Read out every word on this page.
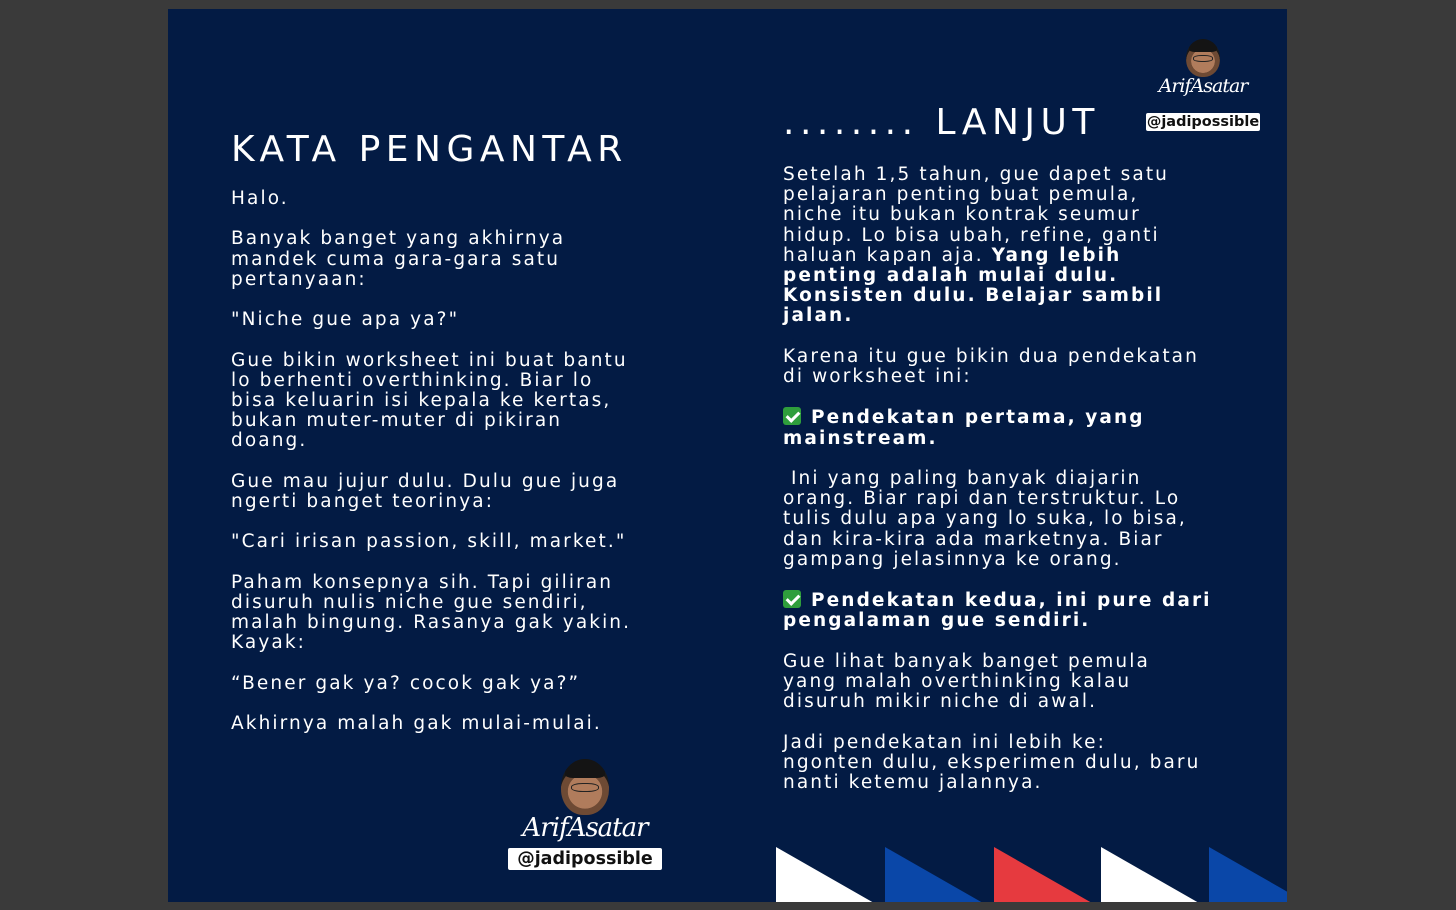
KATA PENGANTAR

Halo.

Banyak banget yang akhirnya
mandek cuma gara-gara satu
pertanyaan:

"Niche gue apa ya?"

Gue bikin worksheet ini buat bantu
lo berhenti overthinking. Biar lo
bisa keluarin isi kepala ke kertas,
bukan muter-muter di pikiran
doang.

Gue mau jujur dulu. Dulu gue juga
ngerti banget teorinya:

"Cari irisan passion, skill, market."

Paham konsepnya sih. Tapi giliran
disuruh nulis niche gue sendiri,
malah bingung. Rasanya gak yakin.
Kayak:

“Bener gak ya? cocok gak ya?”

Akhirnya malah gak mulai-mulai.

........ LANJUT

Setelah 1,5 tahun, gue dapet satu
pelajaran penting buat pemula,
niche itu bukan kontrak seumur
hidup. Lo bisa ubah, refine, ganti
haluan kapan aja. Yang lebih
penting adalah mulai dulu.
Konsisten dulu. Belajar sambil
jalan.

Karena itu gue bikin dua pendekatan
di worksheet ini:

Pendekatan pertama, yang
mainstream.

Ini yang paling banyak diajarin
orang. Biar rapi dan terstruktur. Lo
tulis dulu apa yang lo suka, lo bisa,
dan kira-kira ada marketnya. Biar
gampang jelasinnya ke orang.

Pendekatan kedua, ini pure dari
pengalaman gue sendiri.

Gue lihat banyak banget pemula
yang malah overthinking kalau
disuruh mikir niche di awal.

Jadi pendekatan ini lebih ke:
ngonten dulu, eksperimen dulu, baru
nanti ketemu jalannya.

ArifAsatar
@jadipossible
ArifAsatar
@jadipossible
